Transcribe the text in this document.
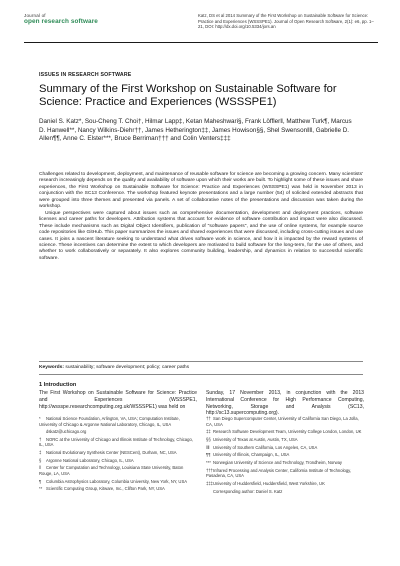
Journal of
open research software
Katz, DS et al 2014 Summary of the First Workshop on Sustainable Software for Science: Practice and Experiences (WSSSPE1). Journal of Open Research Software, 2(1): e6, pp. 1–21, DOI: http://dx.doi.org/10.5334/jors.an
ISSUES IN RESEARCH SOFTWARE
Summary of the First Workshop on Sustainable Software for Science: Practice and Experiences (WSSSPE1)
Daniel S. Katz*, Sou-Cheng T. Choi†, Hilmar Lapp‡, Ketan Maheshwari§, Frank Löffler‖, Matthew Turk¶, Marcus D. Hanwell**, Nancy Wilkins-Diehr††, James Hetherington‡‡, James Howison§§, Shel Swenson‖‖, Gabrielle D. Allen¶¶, Anne C. Elster***, Bruce Berriman††† and Colin Venters‡‡‡

Challenges related to development, deployment, and maintenance of reusable software for science are becoming a growing concern. Many scientists' research increasingly depends on the quality and availability of software upon which their works are built. To highlight some of these issues and share experiences, the First Workshop on Sustainable Software for Science: Practice and Experiences (WSSSPE1) was held in November 2013 in conjunction with the SC13 Conference. The workshop featured keynote presentations and a large number (54) of solicited extended abstracts that were grouped into three themes and presented via panels. A set of collaborative notes of the presentations and discussion was taken during the workshop.

Unique perspectives were captured about issues such as comprehensive documentation, development and deployment practices, software licenses and career paths for developers. Attribution systems that account for evidence of software contribution and impact were also discussed. These include mechanisms such as Digital Object Identifiers, publication of "software papers", and the use of online systems, for example source code repositories like GitHub. This paper summarizes the issues and shared experiences that were discussed, including cross-cutting issues and use cases. It joins a nascent literature seeking to understand what drives software work in science, and how it is impacted by the reward systems of science. These incentives can determine the extent to which developers are motivated to build software for the long-term, for the use of others, and whether to work collaboratively or separately. It also explores community building, leadership, and dynamics in relation to successful scientific software.

Keywords: sustainability; software development; policy; career paths
1 Introduction
The First Workshop on Sustainable Software for Science: Practice and Experiences (WSSSPE1, http://wssspe.researchcomputing.org.uk/WSSSPE1) was held on
Sunday, 17 November 2013, in conjunction with the 2013 International Conference for High Performance Computing, Networking, Storage and Analysis (SC13, http://sc13.supercomputing.org).
* National Science Foundation, Arlington, VA, USA; Computation Institute, University of Chicago & Argonne National Laboratory, Chicago, IL, USA
dskatz@uchicago.org
† NORC at the University of Chicago and Illinois Institute of Technology, Chicago, IL, USA
‡ National Evolutionary Synthesis Center (NESCent), Durham, NC, USA
§ Argonne National Laboratory, Chicago, IL, USA
‖ Center for Computation and Technology, Louisiana State University, Baton Rouge, LA, USA
¶ Columbia Astrophysics Laboratory, Columbia University, New York, NY, USA
** Scientific Computing Group, Kitware, Inc., Clifton Park, NY, USA
†† San Diego Supercomputer Center, University of California San Diego, La Jolla, CA, USA
‡‡ Research Software Development Team, University College London, London, UK
§§ University of Texas at Austin, Austin, TX, USA
‖‖ University of Southern California, Los Angeles, CA, USA
¶¶ University of Illinois, Champaign, IL, USA
*** Norwegian University of Science and Technology, Trondheim, Norway
†††Infrared Processing and Analysis Center, California Institute of Technology, Pasadena, CA, USA
‡‡‡University of Huddersfield, Huddersfield, West Yorkshire, UK
Corresponding author: Daniel S. Katz
